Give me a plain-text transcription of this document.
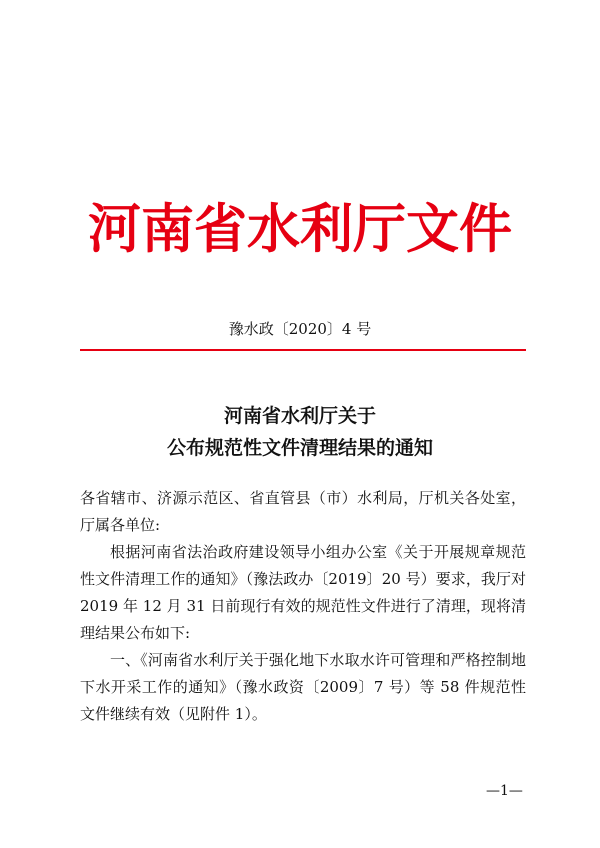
河南省水利厅文件
豫水政〔2020〕4 号
河南省水利厅关于
公布规范性文件清理结果的通知

各省辖市、济源示范区、省直管县（市）水利局，厅机关各处室，厅属各单位:

根据河南省法治政府建设领导小组办公室《关于开展规章规范性文件清理工作的通知》（豫法政办〔2019〕20 号）要求，我厅对 2019 年 12 月 31 日前现行有效的规范性文件进行了清理，现将清理结果公布如下:

一、《河南省水利厅关于强化地下水取水许可管理和严格控制地下水开采工作的通知》（豫水政资〔2009〕7 号）等 58 件规范性文件继续有效（见附件 1）。

—1—
